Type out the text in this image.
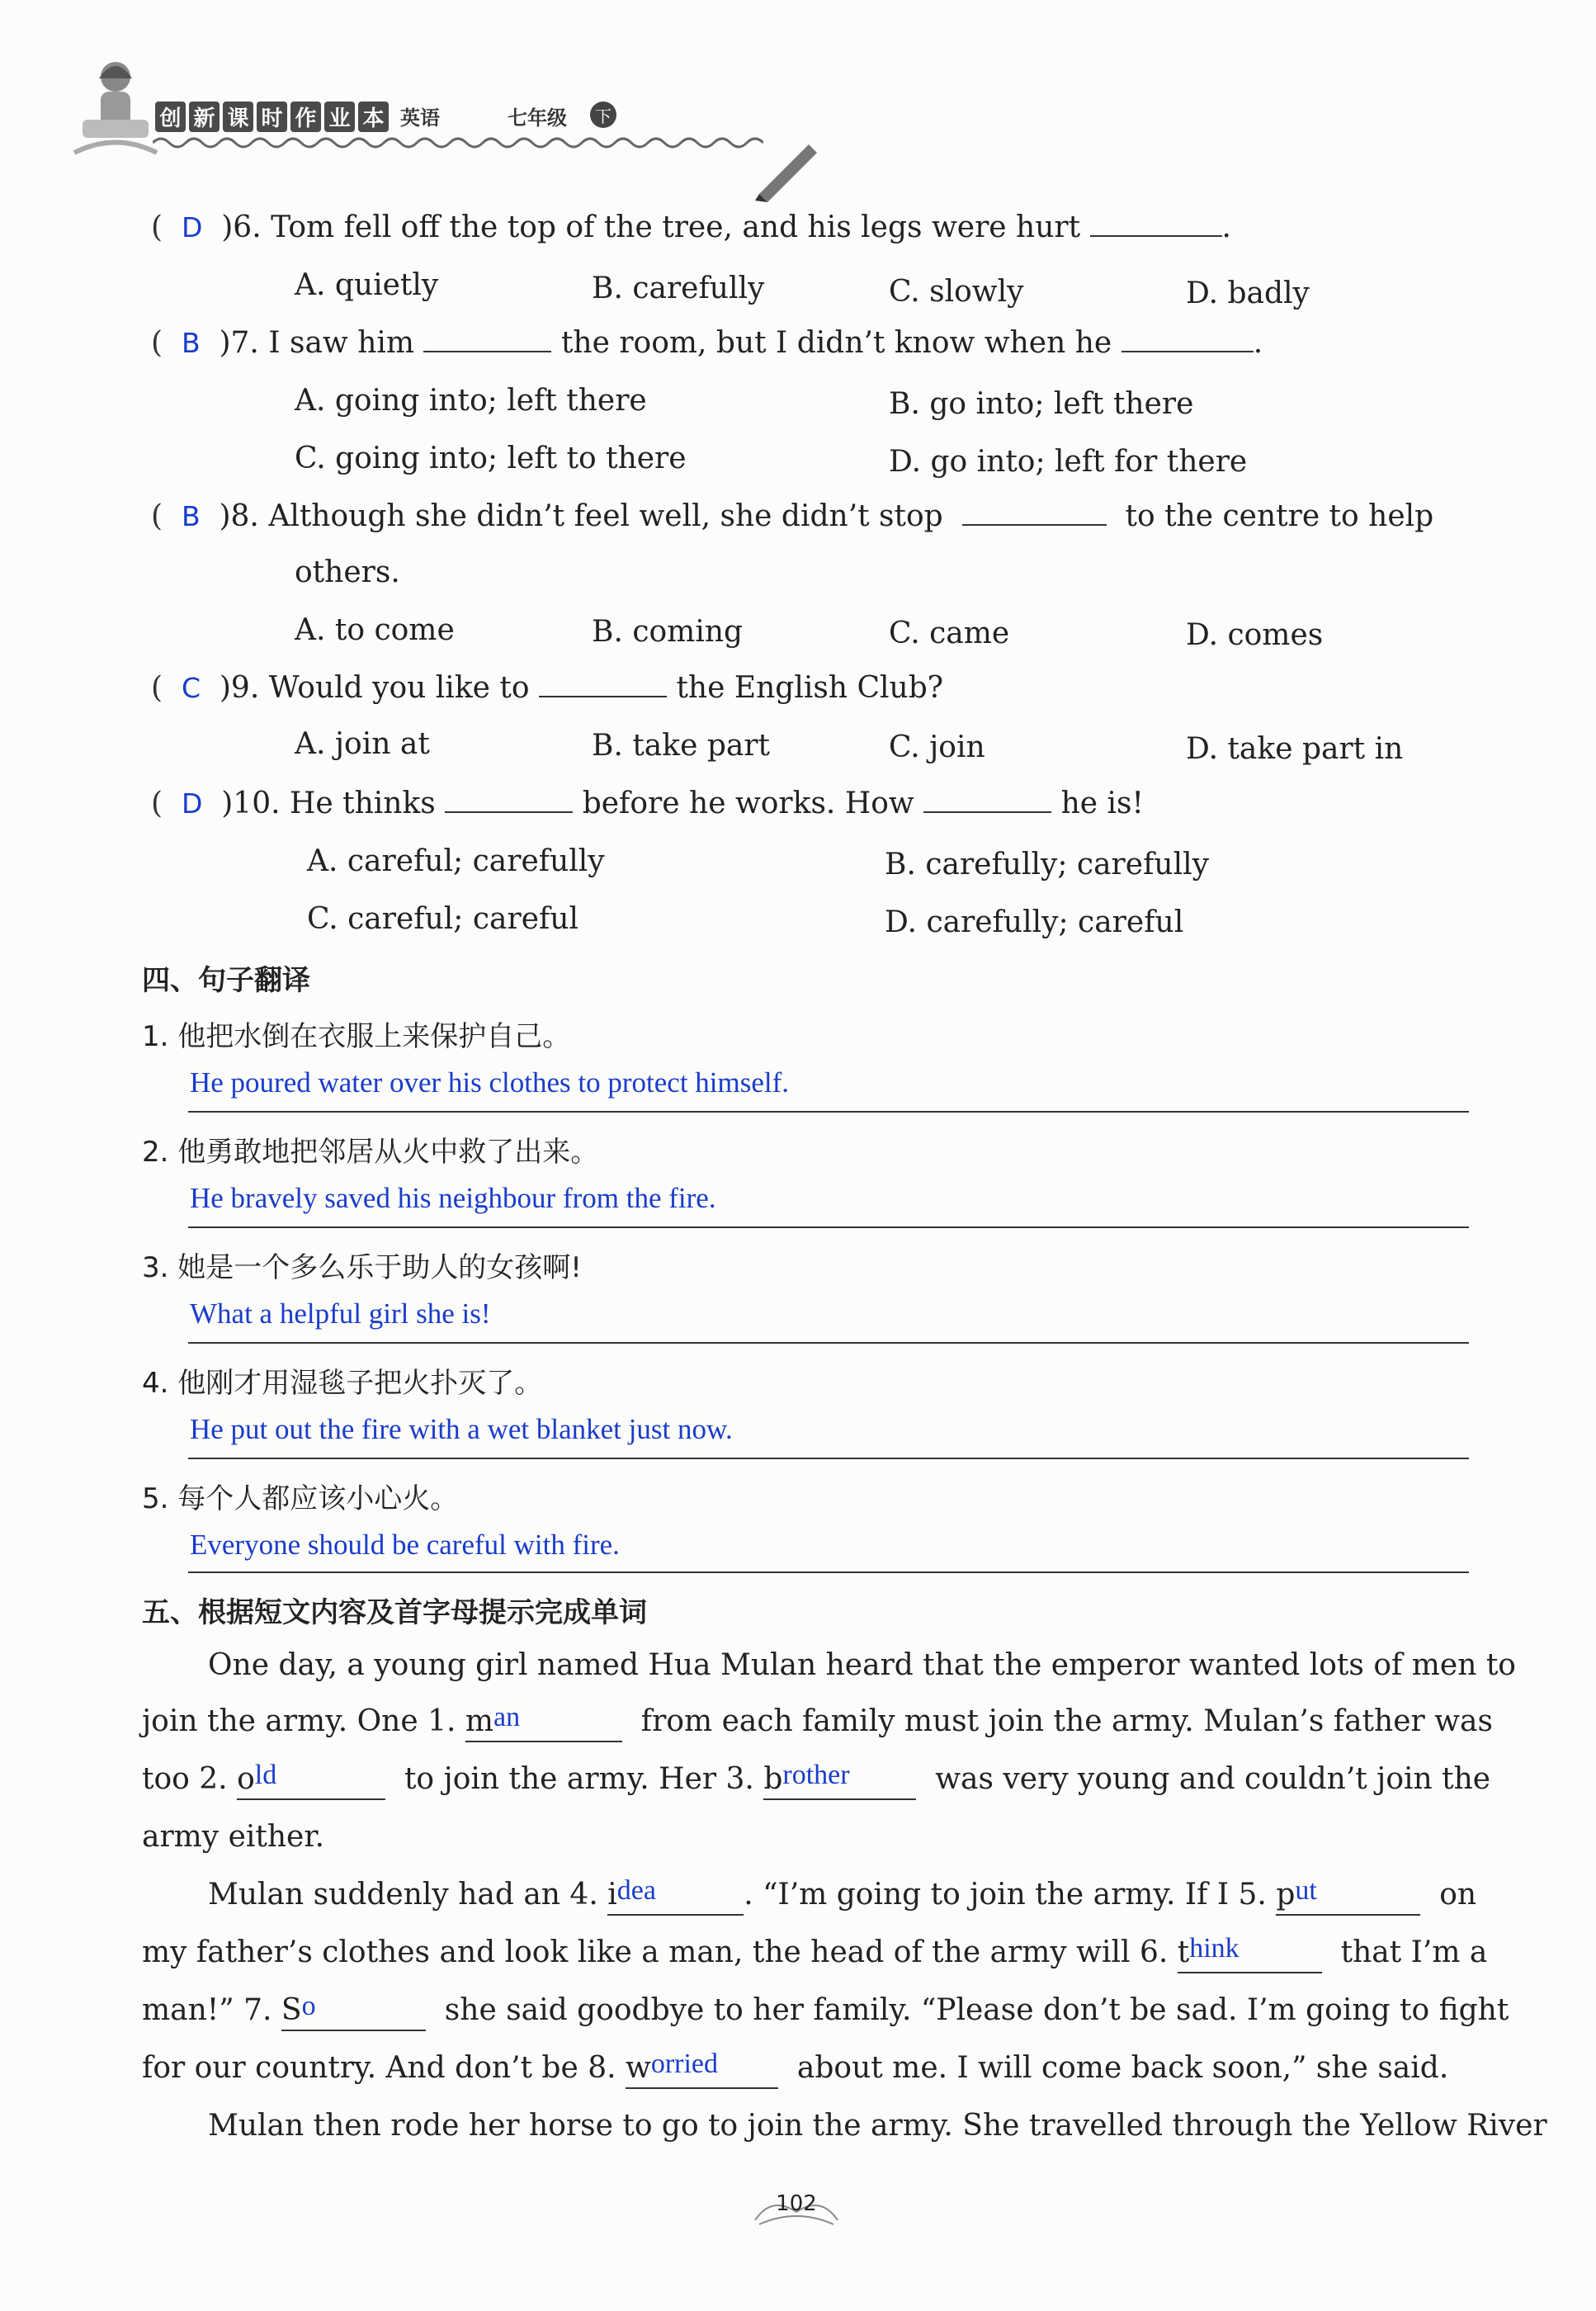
创 新 课 时 作 业 本 英语	七年级	下
( D )6. Tom fell off the top of the tree, and his legs were hurt	.
A. quietly	B. carefully	C. slowly	D. badly
( B )7. I saw him	the room, but I didn’t know when he	.
A. going into; left there	B. go into; left there
C. going into; left to there	D. go into; left for there
( B )8. Although she didn’t feel well, she didn’t stop	to the centre to help
others.
A. to come	B. coming	C. came	D. comes
( C )9. Would you like to	the English Club?
A. join at	B. take part	C. join	D. take part in
( D )10. He thinks	before he works. How	he is!
A. careful; carefully	B. carefully; carefully
C. careful; careful	D. carefully; careful
四、句子翻译
1. 他把水倒在衣服上来保护自己。
He poured water over his clothes to protect himself.
2. 他勇敢地把邻居从火中救了出来。
He bravely saved his neighbour from the fire.
3. 她是一个多么乐于助人的女孩啊!
What a helpful girl she is!
4. 他刚才用湿毯子把火扑灭了。
He put out the fire with a wet blanket just now.
5. 每个人都应该小心火。
Everyone should be careful with fire.
五、根据短文内容及首字母提示完成单词
One day, a young girl named Hua Mulan heard that the emperor wanted lots of men to
join the army. One 1. man	from each family must join the army. Mulan’s father was
too 2. old	to join the army. Her 3. brother	was very young and couldn’t join the
army either.
Mulan suddenly had an 4. idea	. “I’m going to join the army. If I 5. put	on
my father’s clothes and look like a man, the head of the army will 6. think	that I’m a
man!” 7. So	she said goodbye to her family. “Please don’t be sad. I’m going to fight
for our country. And don’t be 8. worried	about me. I will come back soon,” she said.
Mulan then rode her horse to go to join the army. She travelled through the Yellow River
102
